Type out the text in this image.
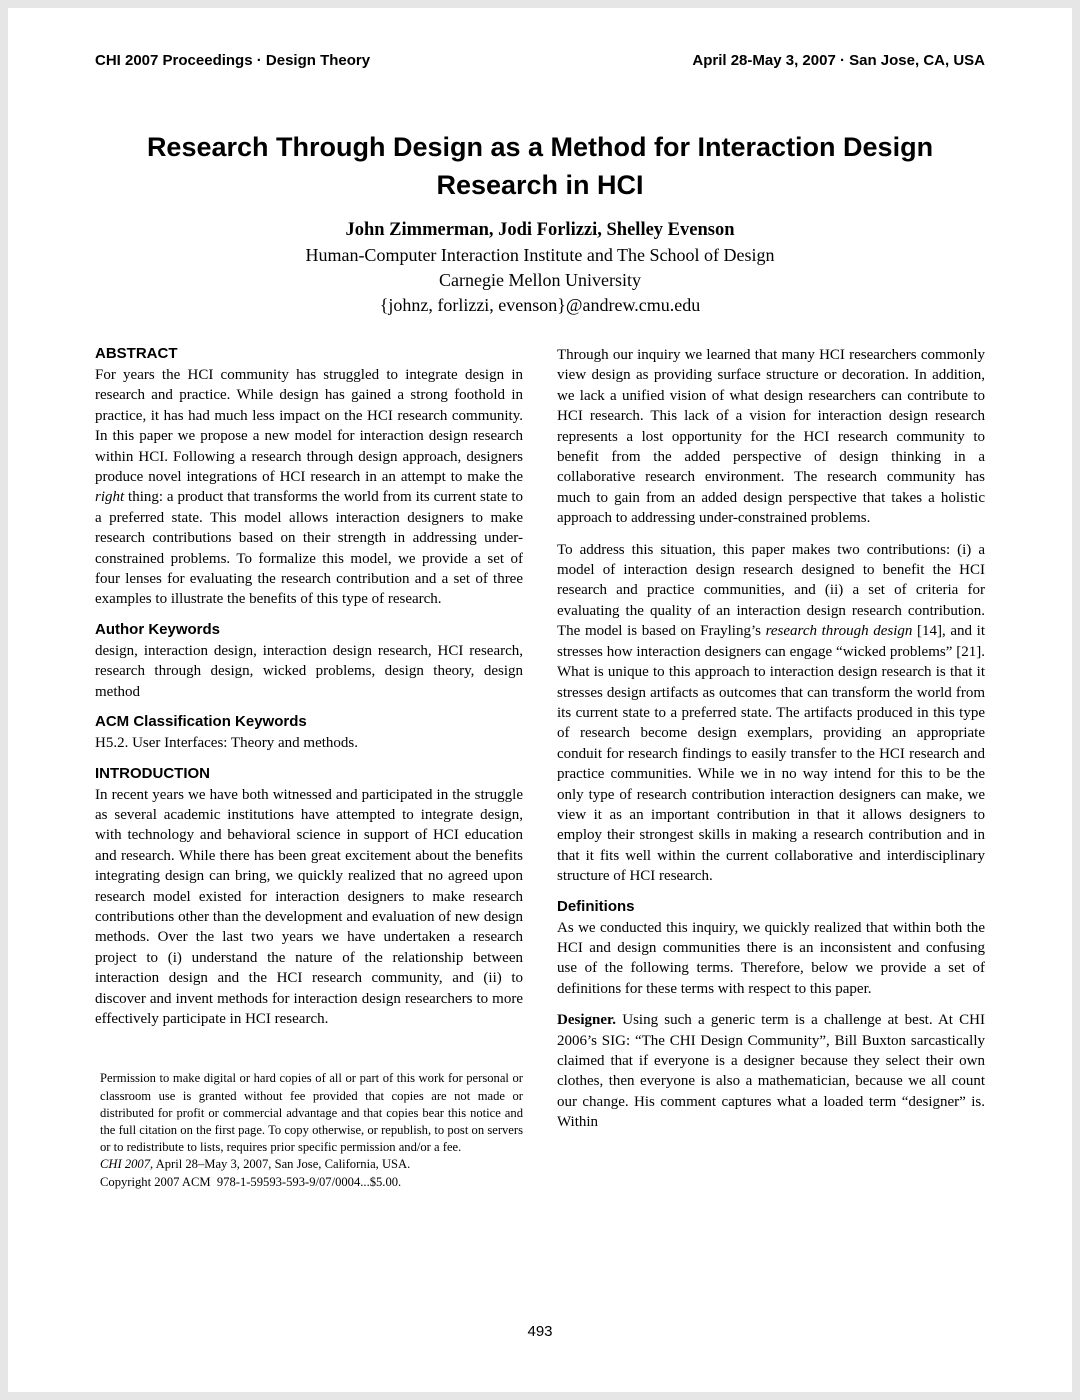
CHI 2007 Proceedings · Design Theory	April 28-May 3, 2007 · San Jose, CA, USA
Research Through Design as a Method for Interaction Design Research in HCI
John Zimmerman, Jodi Forlizzi, Shelley Evenson
Human-Computer Interaction Institute and The School of Design
Carnegie Mellon University
{johnz, forlizzi, evenson}@andrew.cmu.edu
ABSTRACT

For years the HCI community has struggled to integrate design in research and practice. While design has gained a strong foothold in practice, it has had much less impact on the HCI research community. In this paper we propose a new model for interaction design research within HCI. Following a research through design approach, designers produce novel integrations of HCI research in an attempt to make the right thing: a product that transforms the world from its current state to a preferred state. This model allows interaction designers to make research contributions based on their strength in addressing under-constrained problems. To formalize this model, we provide a set of four lenses for evaluating the research contribution and a set of three examples to illustrate the benefits of this type of research.

Author Keywords

design, interaction design, interaction design research, HCI research, research through design, wicked problems, design theory, design method

ACM Classification Keywords

H5.2. User Interfaces: Theory and methods.

INTRODUCTION

In recent years we have both witnessed and participated in the struggle as several academic institutions have attempted to integrate design, with technology and behavioral science in support of HCI education and research. While there has been great excitement about the benefits integrating design can bring, we quickly realized that no agreed upon research model existed for interaction designers to make research contributions other than the development and evaluation of new design methods. Over the last two years we have undertaken a research project to (i) understand the nature of the relationship between interaction design and the HCI research community, and (ii) to discover and invent methods for interaction design researchers to more effectively participate in HCI research.

Permission to make digital or hard copies of all or part of this work for personal or classroom use is granted without fee provided that copies are not made or distributed for profit or commercial advantage and that copies bear this notice and the full citation on the first page. To copy otherwise, or republish, to post on servers or to redistribute to lists, requires prior specific permission and/or a fee.

CHI 2007, April 28–May 3, 2007, San Jose, California, USA.

Copyright 2007 ACM  978-1-59593-593-9/07/0004...$5.00.

Through our inquiry we learned that many HCI researchers commonly view design as providing surface structure or decoration. In addition, we lack a unified vision of what design researchers can contribute to HCI research. This lack of a vision for interaction design research represents a lost opportunity for the HCI research community to benefit from the added perspective of design thinking in a collaborative research environment. The research community has much to gain from an added design perspective that takes a holistic approach to addressing under-constrained problems.

To address this situation, this paper makes two contributions: (i) a model of interaction design research designed to benefit the HCI research and practice communities, and (ii) a set of criteria for evaluating the quality of an interaction design research contribution. The model is based on Frayling’s research through design [14], and it stresses how interaction designers can engage “wicked problems” [21]. What is unique to this approach to interaction design research is that it stresses design artifacts as outcomes that can transform the world from its current state to a preferred state. The artifacts produced in this type of research become design exemplars, providing an appropriate conduit for research findings to easily transfer to the HCI research and practice communities. While we in no way intend for this to be the only type of research contribution interaction designers can make, we view it as an important contribution in that it allows designers to employ their strongest skills in making a research contribution and in that it fits well within the current collaborative and interdisciplinary structure of HCI research.

Definitions

As we conducted this inquiry, we quickly realized that within both the HCI and design communities there is an inconsistent and confusing use of the following terms. Therefore, below we provide a set of definitions for these terms with respect to this paper.

Designer. Using such a generic term is a challenge at best. At CHI 2006’s SIG: “The CHI Design Community”, Bill Buxton sarcastically claimed that if everyone is a designer because they select their own clothes, then everyone is also a mathematician, because we all count our change. His comment captures what a loaded term “designer” is. Within

493
